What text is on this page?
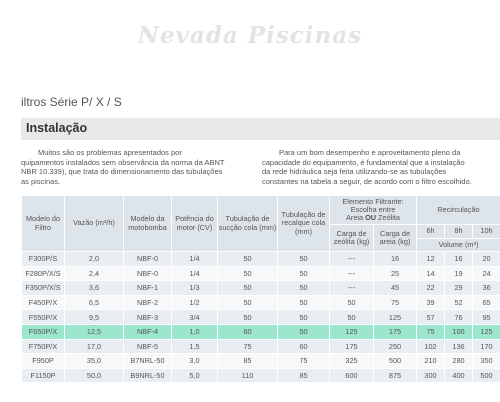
Nevada Piscinas
iltros Série P/ X / S
Instalação
Muitos são os problemas apresentados por
quipamentos instalados sem observância da norma da ABNT
NBR 10.339), que trata do dimensionamento das tubulações
as piscinas.
Para um bom desempenho e aproveitamento pleno da
capacidade do equipamento, é fundamental que a instalação
da rede hidráulica seja feita utilizando-se as tubulações
constantes na tabela a seguir, de acordo com o filtro escolhido.
Modelo do Filtro	Vazão (m³/h)	Modelo da motobomba	Potência do motor (CV)	Tubulação de sucção cola (mm)	Tubulação de recalque cola (mm)	Elemento Filtrante:
Escolha entre
Areia OU Zeólita		Recirculação		
						Carga de zeólita (kg)	Carga de areia (kg)	6h	8h	10h
								Volume (m³)		
F300P/S	2,0	NBF-0	1/4	50	50	---	16	12	16	20
F280P/X/S	2,4	NBF-0	1/4	50	50	---	25	14	19	24
F350P/X/S	3,6	NBF-1	1/3	50	50	---	45	22	29	36
F450P/X	6,5	NBF-2	1/2	50	50	50	75	39	52	65
F550P/X	9,5	NBF-3	3/4	50	50	50	125	57	76	95
F650P/X	12,5	NBF-4	1,0	60	50	125	175	75	100	125
F750P/X	17,0	NBF-5	1,5	75	60	175	250	102	136	170
F950P	35,0	B7NRL-50	3,0	85	75	325	500	210	280	350
F1150P	50,0	B9NRL-50	5,0	110	85	600	875	300	400	500
